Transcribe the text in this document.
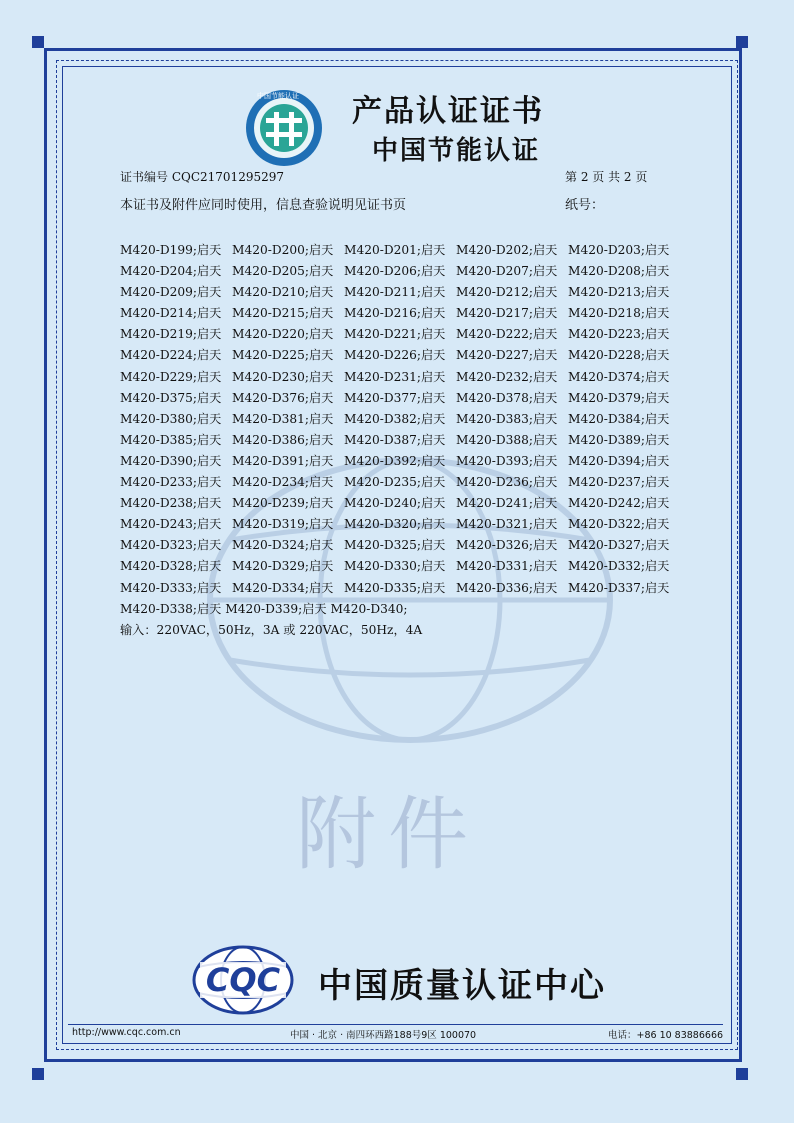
附件
中国节能认证 产品认证证书
中国节能认证
证书编号 CQC21701295297	第 2 页 共 2 页
本证书及附件应同时使用，信息查验说明见证书页	纸号：
M420-D199;启天 M420-D200;启天 M420-D201;启天 M420-D202;启天 M420-D203;启天
M420-D204;启天 M420-D205;启天 M420-D206;启天 M420-D207;启天 M420-D208;启天
M420-D209;启天 M420-D210;启天 M420-D211;启天 M420-D212;启天 M420-D213;启天
M420-D214;启天 M420-D215;启天 M420-D216;启天 M420-D217;启天 M420-D218;启天
M420-D219;启天 M420-D220;启天 M420-D221;启天 M420-D222;启天 M420-D223;启天
M420-D224;启天 M420-D225;启天 M420-D226;启天 M420-D227;启天 M420-D228;启天
M420-D229;启天 M420-D230;启天 M420-D231;启天 M420-D232;启天 M420-D374;启天
M420-D375;启天 M420-D376;启天 M420-D377;启天 M420-D378;启天 M420-D379;启天
M420-D380;启天 M420-D381;启天 M420-D382;启天 M420-D383;启天 M420-D384;启天
M420-D385;启天 M420-D386;启天 M420-D387;启天 M420-D388;启天 M420-D389;启天
M420-D390;启天 M420-D391;启天 M420-D392;启天 M420-D393;启天 M420-D394;启天
M420-D233;启天 M420-D234;启天 M420-D235;启天 M420-D236;启天 M420-D237;启天
M420-D238;启天 M420-D239;启天 M420-D240;启天 M420-D241;启天 M420-D242;启天
M420-D243;启天 M420-D319;启天 M420-D320;启天 M420-D321;启天 M420-D322;启天
M420-D323;启天 M420-D324;启天 M420-D325;启天 M420-D326;启天 M420-D327;启天
M420-D328;启天 M420-D329;启天 M420-D330;启天 M420-D331;启天 M420-D332;启天
M420-D333;启天 M420-D334;启天 M420-D335;启天 M420-D336;启天 M420-D337;启天
M420-D338;启天 M420-D339;启天 M420-D340;
输入：220VAC，50Hz，3A 或 220VAC，50Hz，4A
CQC 中国质量认证中心
http://www.cqc.com.cn	中国 · 北京 · 南四环西路188号9区 100070	电话：+86 10 83886666
